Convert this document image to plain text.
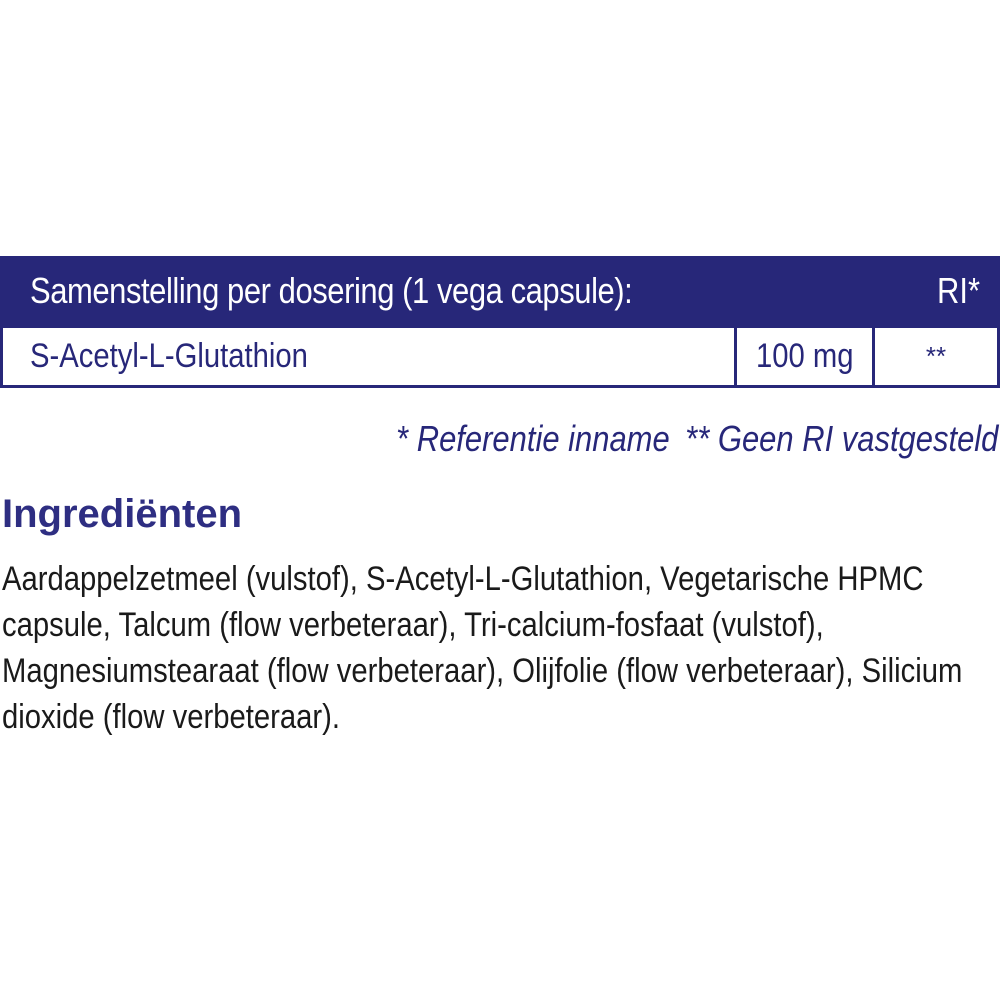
Samenstelling per dosering (1 vega capsule):	RI*
S-Acetyl-L-Glutathion	100 mg	**
* Referentie inname ** Geen RI vastgesteld
Ingrediënten
Aardappelzetmeel (vulstof), S-Acetyl-L-Glutathion, Vegetarische HPMC capsule, Talcum (flow verbeteraar), Tri-calcium-fosfaat (vulstof), Magnesiumstearaat (flow verbeteraar), Olijfolie (flow verbeteraar), Silicium dioxide (flow verbeteraar).
